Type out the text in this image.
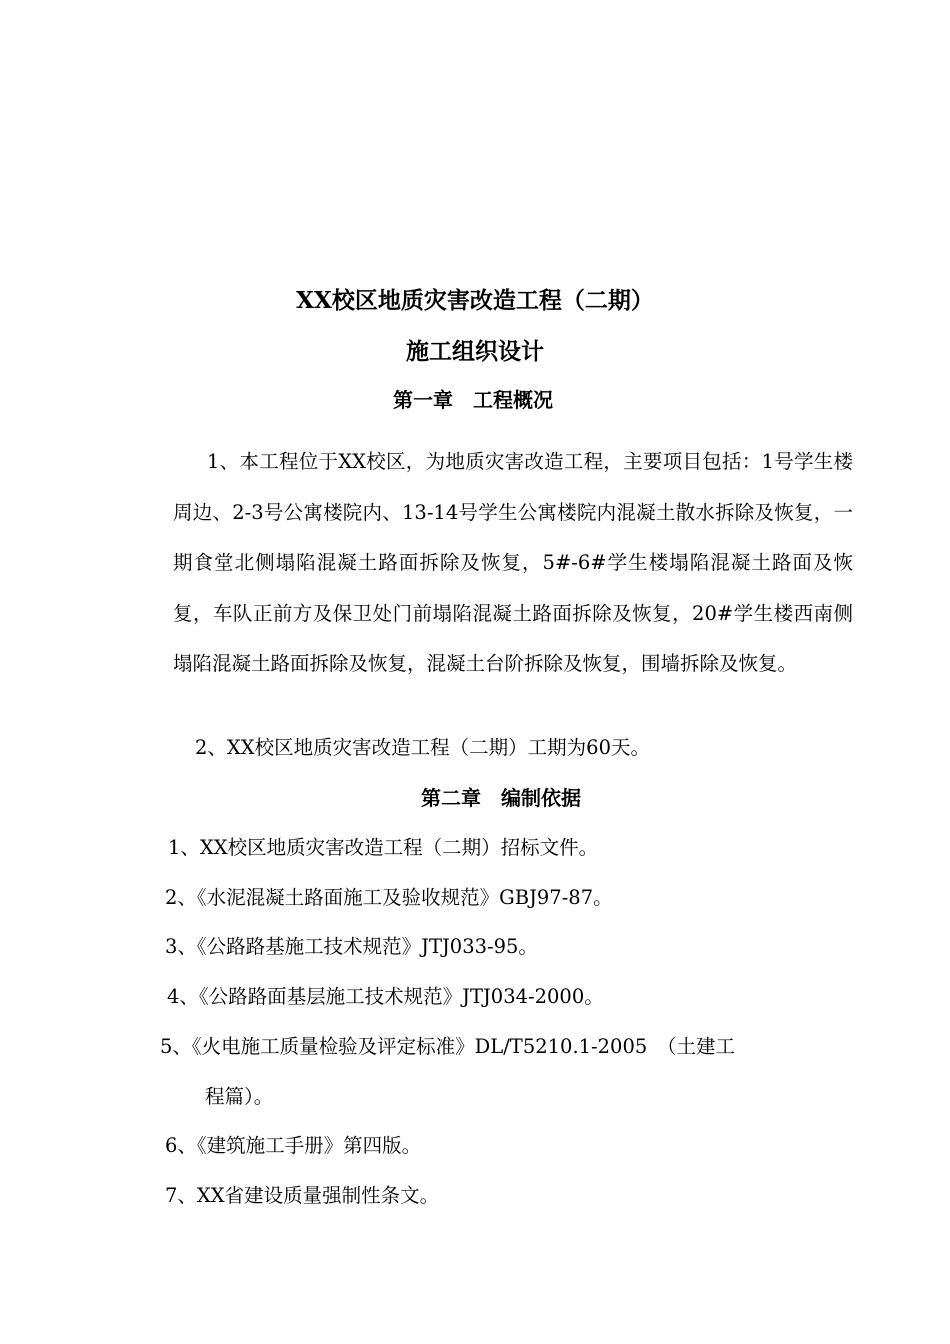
XX校区地质灾害改造工程（二期）
施工组织设计
第一章　工程概况

1、本工程位于XX校区，为地质灾害改造工程，主要项目包括：1号学生楼周边、2-3号公寓楼院内、13-14号学生公寓楼院内混凝土散水拆除及恢复，一期食堂北侧塌陷混凝土路面拆除及恢复，5#-6#学生楼塌陷混凝土路面及恢复，车队正前方及保卫处门前塌陷混凝土路面拆除及恢复，20#学生楼西南侧塌陷混凝土路面拆除及恢复，混凝土台阶拆除及恢复，围墙拆除及恢复。

2、XX校区地质灾害改造工程（二期）工期为60天。

第二章　编制依据

1、XX校区地质灾害改造工程（二期）招标文件。

2、《水泥混凝土路面施工及验收规范》GBJ97-87。

3、《公路路基施工技术规范》JTJ033-95。

4、《公路路面基层施工技术规范》JTJ034-2000。

5、《火电施工质量检验及评定标准》DL/T5210.1-2005　（土建工

程篇）。

6、《建筑施工手册》第四版。

7、XX省建设质量强制性条文。
